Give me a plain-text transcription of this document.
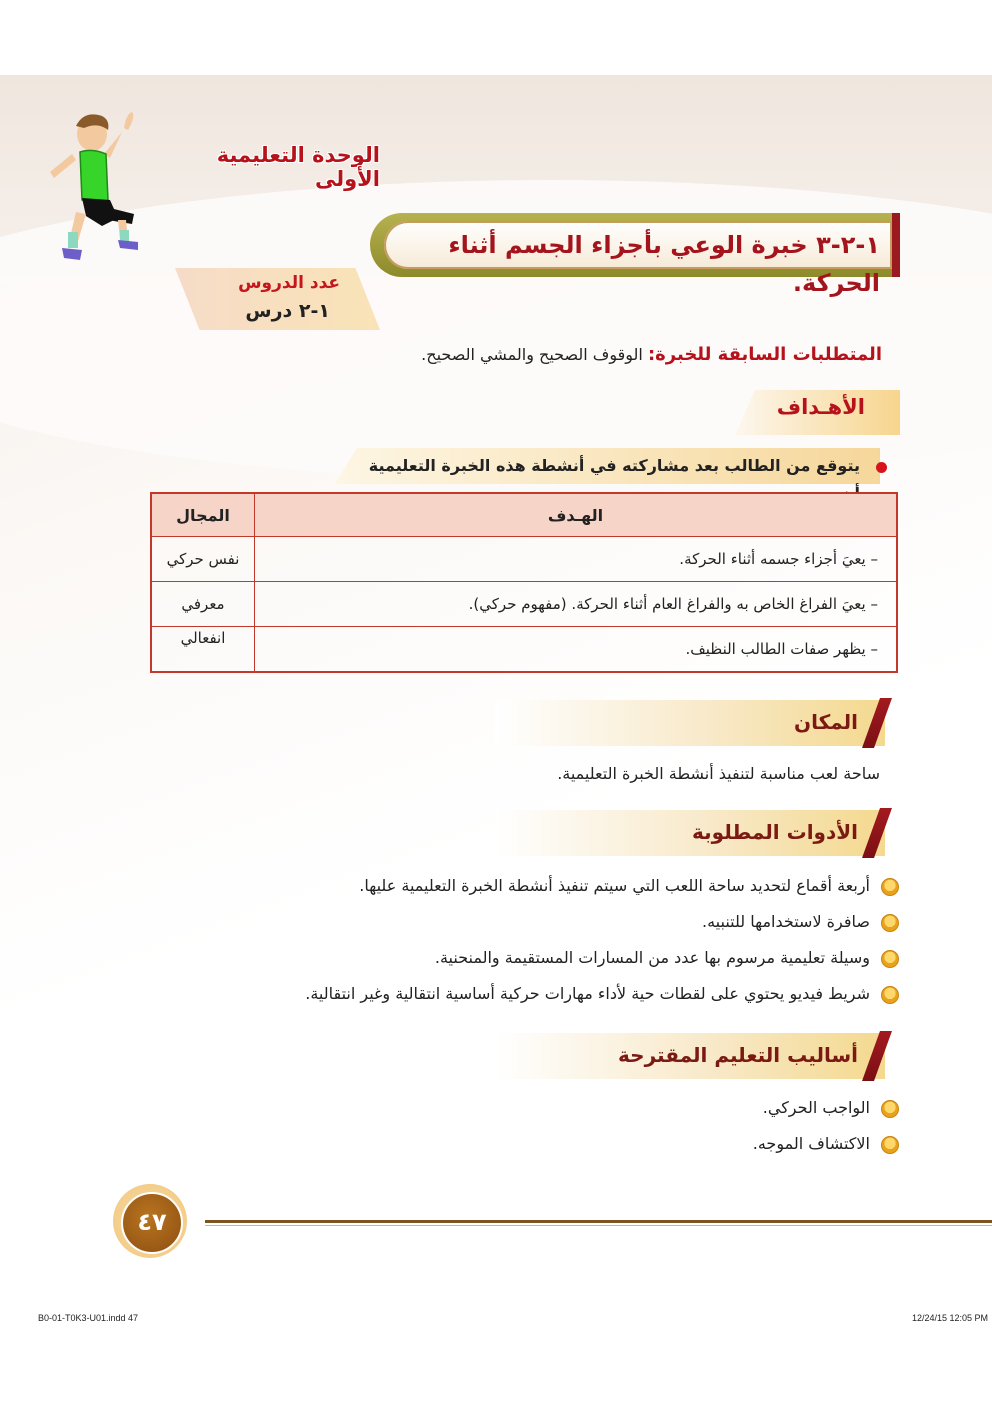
الوحدة التعليمية الأولى
١-٢-٣ خبرة الوعي بأجزاء الجسم أثناء الحركة.
عدد الدروس
١-٢ درس
المتطلبات السابقة للخبرة: الوقوف الصحيح والمشي الصحيح.
الأهـداف
يتوقع من الطالب بعد مشاركته في أنشطة هذه الخبرة التعليمية
الهـدف	المجال
– يعيَ أجزاء جسمه أثناء الحركة.	نفس حركي
– يعيَ الفراغ الخاص به والفراغ العام أثناء الحركة. (مفهوم حركي).	معرفي
– يظهر صفات الطالب النظيف.	انفعالي
المكان
ساحة لعب مناسبة لتنفيذ أنشطة الخبرة التعليمية.
الأدوات المطلوبة
أربعة أقماع لتحديد ساحة اللعب التي سيتم تنفيذ أنشطة الخبرة التعليمية عليها.
صافرة لاستخدامها للتنبيه.
وسيلة تعليمية مرسوم بها عدد من المسارات المستقيمة والمنحنية.
شريط فيديو يحتوي على لقطات حية لأداء مهارات حركية أساسية انتقالية وغير انتقالية.
أساليب التعليم المقترحة
الواجب الحركي.
الاكتشاف الموجه.
٤٧
B0-01-T0K3-U01.indd 47	12/24/15 12:05 PM
